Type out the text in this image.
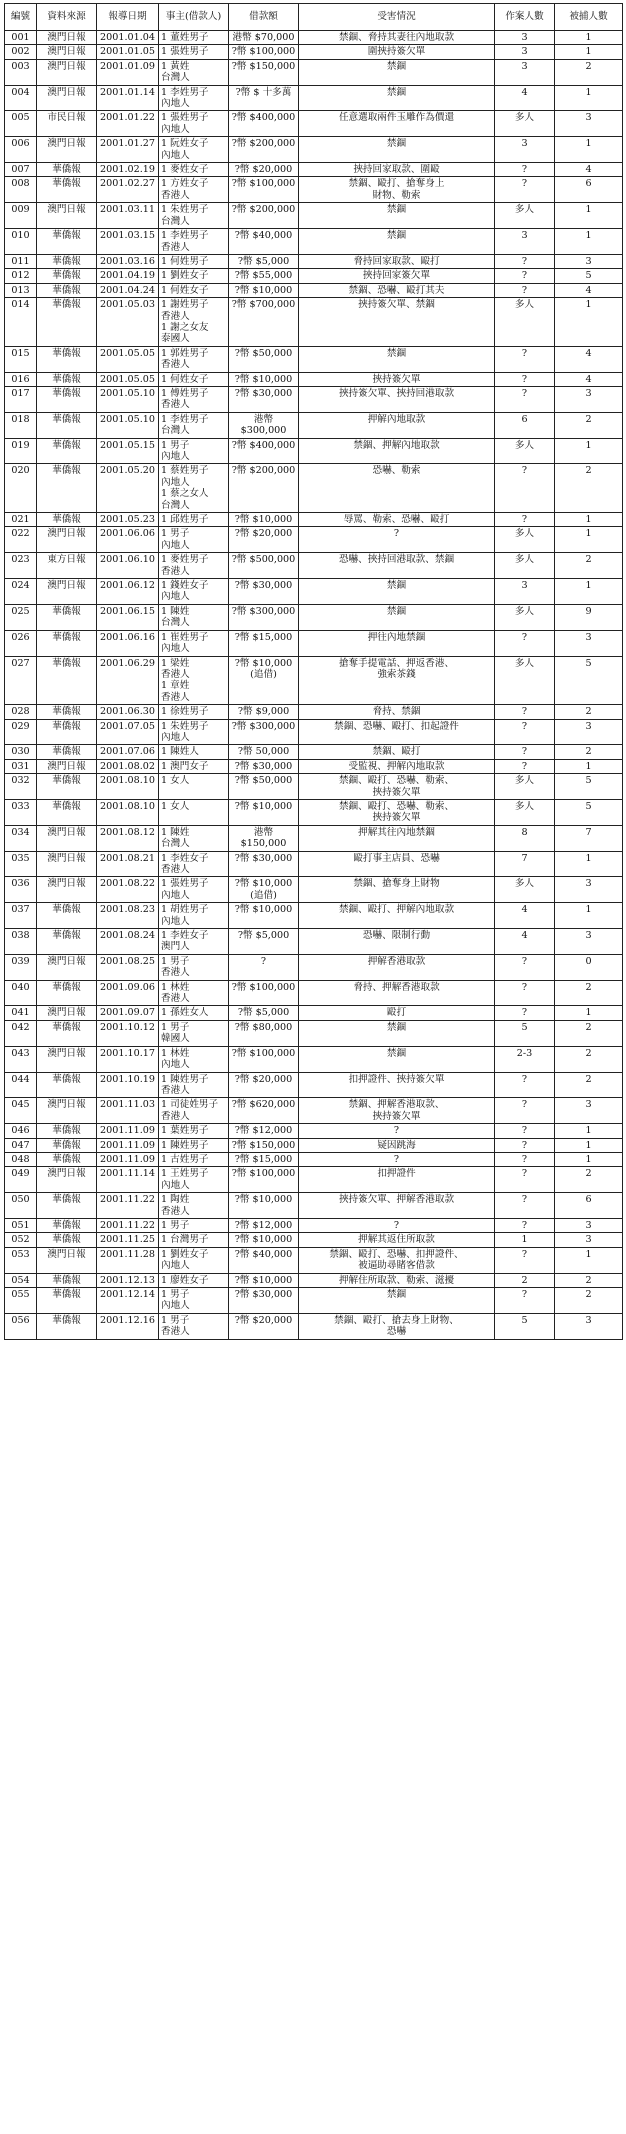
編號	資料來源	報導日期	事主(借款人)	借款額	受害情況	作案人數	被捕人數
001	澳門日報	2001.01.04	1 董姓男子	港幣 $70,000	禁錮、脅持其妻往內地取款	3	1
002	澳門日報	2001.01.05	1 張姓男子	?幣 $100,000	圍挾持簽欠單	3	1
003	澳門日報	2001.01.09	1 黃姓
台灣人	?幣 $150,000	禁錮	3	2
004	澳門日報	2001.01.14	1 李姓男子
內地人	?幣 $ 十多萬	禁錮	4	1
005	市民日報	2001.01.22	1 張姓男子
內地人	?幣 $400,000	任意選取兩件玉雕作為價還	多人	3
006	澳門日報	2001.01.27	1 阮姓女子
內地人	?幣 $200,000	禁錮	3	1
007	華僑報	2001.02.19	1 麥姓女子	?幣 $20,000	挾持回家取款、圍毆	?	4
008	華僑報	2001.02.27	1 方姓女子
香港人	?幣 $100,000	禁錮、毆打、搶奪身上
財物、勒索	?	6
009	澳門日報	2001.03.11	1 朱姓男子
台灣人	?幣 $200,000	禁錮	多人	1
010	華僑報	2001.03.15	1 李姓男子
香港人	?幣 $40,000	禁錮	3	1
011	華僑報	2001.03.16	1 何姓男子	?幣 $5,000	脅持回家取款、毆打	?	3
012	華僑報	2001.04.19	1 劉姓女子	?幣 $55,000	挾持回家簽欠單	?	5
013	華僑報	2001.04.24	1 何姓女子	?幣 $10,000	禁錮、恐嚇、毆打其夫	?	4
014	華僑報	2001.05.03	1 謝姓男子
香港人
1 謝之女友
泰國人	?幣 $700,000	挾持簽欠單、禁錮	多人	1
015	華僑報	2001.05.05	1 郭姓男子
香港人	?幣 $50,000	禁錮	?	4
016	華僑報	2001.05.05	1 何姓女子	?幣 $10,000	挾持簽欠單	?	4
017	華僑報	2001.05.10	1 傅姓男子
香港人	?幣 $30,000	挾持簽欠單、挾持回港取款	?	3
018	華僑報	2001.05.10	1 李姓男子
台灣人	港幣 $300,000	押解內地取款	6	2
019	華僑報	2001.05.15	1 男子
內地人	?幣 $400,000	禁錮、押解內地取款	多人	1
020	華僑報	2001.05.20	1 蔡姓男子
內地人
1 蔡之女人
台灣人	?幣 $200,000	恐嚇、勒索	?	2
021	華僑報	2001.05.23	1 邱姓男子	?幣 $10,000	辱罵、勒索、恐嚇、毆打	?	1
022	澳門日報	2001.06.06	1 男子
內地人	?幣 $20,000	?	多人	1
023	東方日報	2001.06.10	1 麥姓男子
香港人	?幣 $500,000	恐嚇、挾持回港取款、禁錮	多人	2
024	澳門日報	2001.06.12	1 錢姓女子
內地人	?幣 $30,000	禁錮	3	1
025	華僑報	2001.06.15	1 陳姓
台灣人	?幣 $300,000	禁錮	多人	9
026	華僑報	2001.06.16	1 崔姓男子
內地人	?幣 $15,000	押往內地禁錮	?	3
027	華僑報	2001.06.29	1 梁姓
香港人
1 章姓
香港人	?幣 $10,000
(追借)	搶奪手提電話、押返香港、
強索茶錢	多人	5
028	華僑報	2001.06.30	1 徐姓男子	?幣 $9,000	脅持、禁錮	?	2
029	華僑報	2001.07.05	1 朱姓男子
內地人	?幣 $300,000	禁錮、恐嚇、毆打、扣起證件	?	3
030	華僑報	2001.07.06	1 陳姓人	?幣 50,000	禁錮、毆打	?	2
031	澳門日報	2001.08.02	1 澳門女子	?幣 $30,000	受監視、押解內地取款	?	1
032	華僑報	2001.08.10	1 女人	?幣 $50,000	禁錮、毆打、恐嚇、勒索、
挾持簽欠單	多人	5
033	華僑報	2001.08.10	1 女人	?幣 $10,000	禁錮、毆打、恐嚇、勒索、
挾持簽欠單	多人	5
034	澳門日報	2001.08.12	1 陳姓
台灣人	港幣 $150,000	押解其往內地禁錮	8	7
035	澳門日報	2001.08.21	1 李姓女子
香港人	?幣 $30,000	毆打事主店員、恐嚇	7	1
036	澳門日報	2001.08.22	1 張姓男子
內地人	?幣 $10,000
(追借)	禁錮、搶奪身上財物	多人	3
037	華僑報	2001.08.23	1 胡姓男子
內地人	?幣 $10,000	禁錮、毆打、押解內地取款	4	1
038	華僑報	2001.08.24	1 李姓女子
澳門人	?幣 $5,000	恐嚇、限制行動	4	3
039	澳門日報	2001.08.25	1 男子
香港人	?	押解香港取款	?	0
040	華僑報	2001.09.06	1 林姓
香港人	?幣 $100,000	脅持、押解香港取款	?	2
041	澳門日報	2001.09.07	1 孫姓女人	?幣 $5,000	毆打	?	1
042	華僑報	2001.10.12	1 男子
韓國人	?幣 $80,000	禁錮	5	2
043	澳門日報	2001.10.17	1 林姓
內地人	?幣 $100,000	禁錮	2-3	2
044	華僑報	2001.10.19	1 陳姓男子
香港人	?幣 $20,000	扣押證件、挾持簽欠單	?	2
045	澳門日報	2001.11.03	1 司徒姓男子
香港人	?幣 $620,000	禁錮、押解香港取款、
挾持簽欠單	?	3
046	華僑報	2001.11.09	1 葉姓男子	?幣 $12,000	?	?	1
047	華僑報	2001.11.09	1 陳姓男子	?幣 $150,000	疑因跳海	?	1
048	華僑報	2001.11.09	1 古姓男子	?幣 $15,000	?	?	1
049	澳門日報	2001.11.14	1 王姓男子
內地人	?幣 $100,000	扣押證件	?	2
050	華僑報	2001.11.22	1 陶姓
香港人	?幣 $10,000	挾持簽欠單、押解香港取款	?	6
051	華僑報	2001.11.22	1 男子	?幣 $12,000	?	?	3
052	華僑報	2001.11.25	1 台灣男子	?幣 $10,000	押解其返住所取款	1	3
053	澳門日報	2001.11.28	1 劉姓女子
內地人	?幣 $40,000	禁錮、毆打、恐嚇、扣押證件、
被逼助尋賭客借款	?	1
054	華僑報	2001.12.13	1 廖姓女子	?幣 $10,000	押解住所取款、勒索、滋擾	2	2
055	華僑報	2001.12.14	1 男子
內地人	?幣 $30,000	禁錮	?	2
056	華僑報	2001.12.16	1 男子
香港人	?幣 $20,000	禁錮、毆打、搶去身上財物、
恐嚇	5	3
